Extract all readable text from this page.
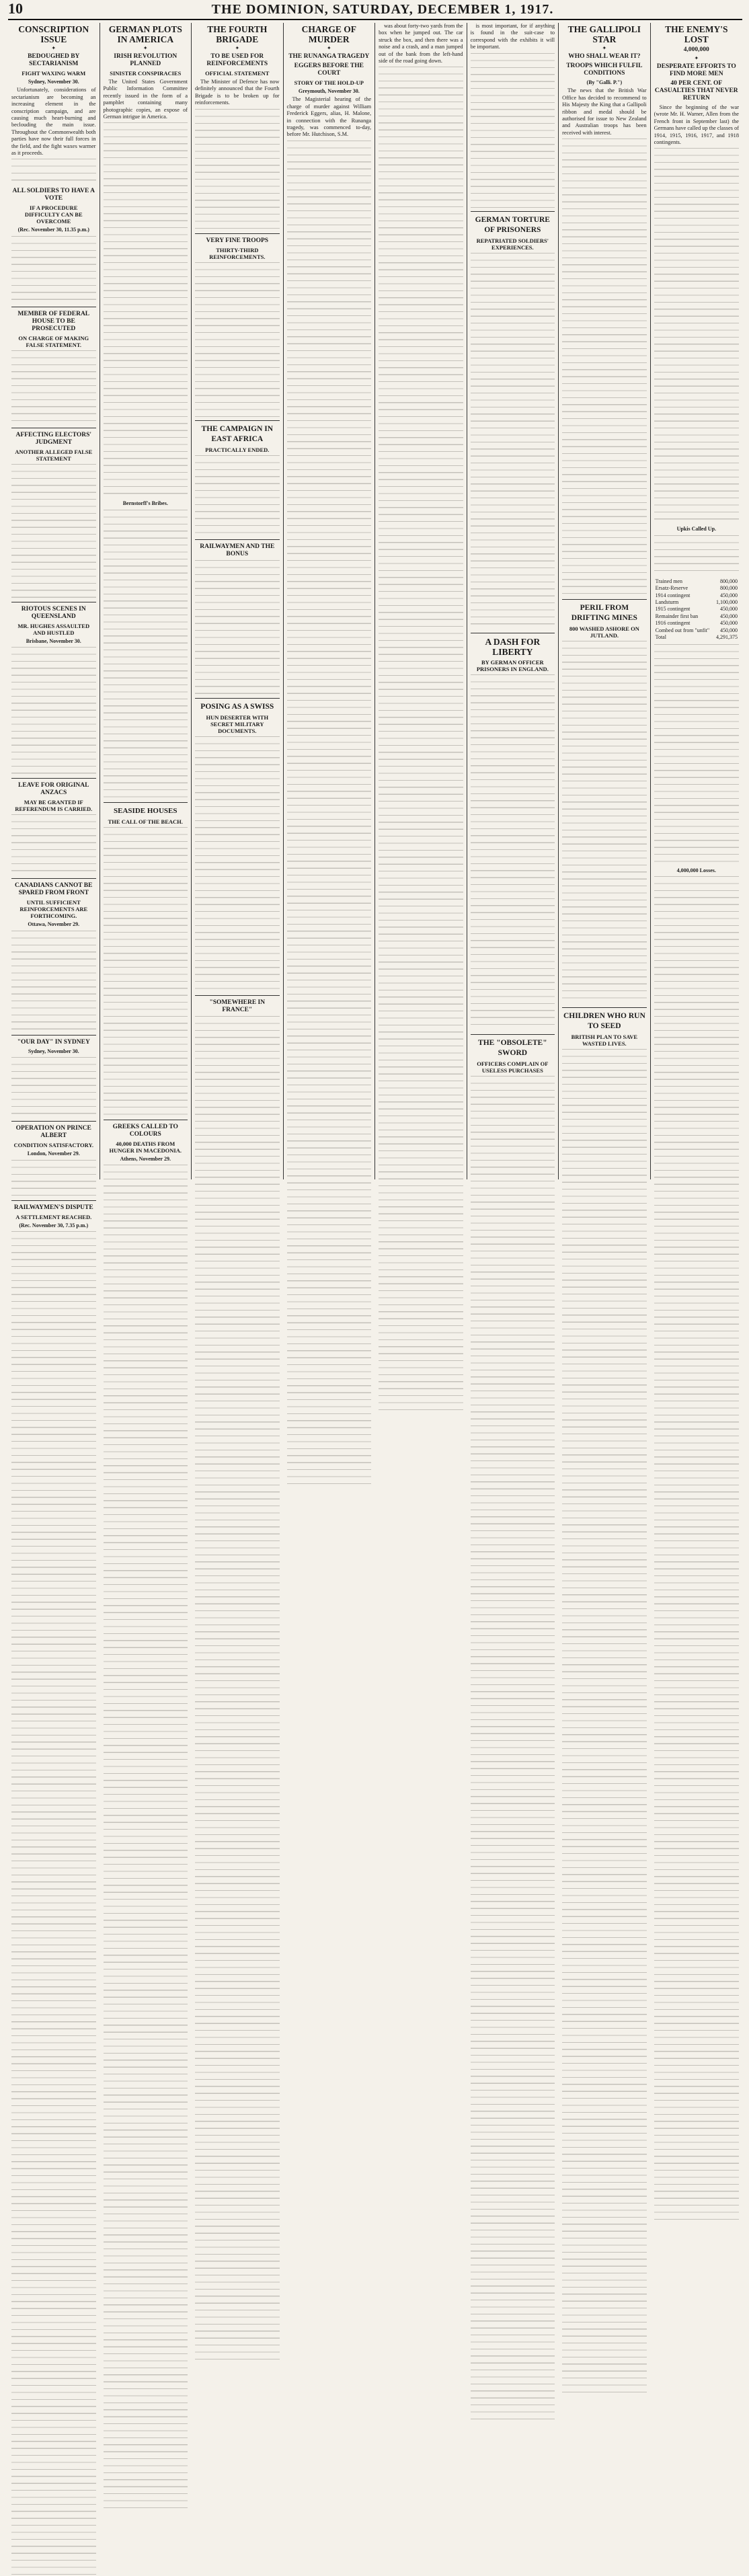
10	THE DOMINION, SATURDAY, DECEMBER 1, 1917.
CONSCRIPTION ISSUE
✦
BEDOUGHED BY SECTARIANISM
FIGHT WAXING WARM
Sydney, November 30.

Unfortunately, considerations of sectarianism are becoming an increasing element in the conscription campaign, and are causing much heart-burning and beclouding the main issue. Throughout the Commonwealth both parties have now their full forces in the field, and the fight waxes warmer as it proceeds.

ALL SOLDIERS TO HAVE A VOTE
IF A PROCEDURE DIFFICULTY CAN BE OVERCOME
(Rec. November 30, 11.35 p.m.)
MEMBER OF FEDERAL HOUSE TO BE PROSECUTED
ON CHARGE OF MAKING FALSE STATEMENT.
AFFECTING ELECTORS' JUDGMENT
ANOTHER ALLEGED FALSE STATEMENT
RIOTOUS SCENES IN QUEENSLAND
MR. HUGHES ASSAULTED AND HUSTLED
Brisbane, November 30.
LEAVE FOR ORIGINAL ANZACS
MAY BE GRANTED IF REFERENDUM IS CARRIED.
CANADIANS CANNOT BE SPARED FROM FRONT
UNTIL SUFFICIENT REINFORCEMENTS ARE FORTHCOMING.
Ottawa, November 29.
"OUR DAY" IN SYDNEY
Sydney, November 30.
OPERATION ON PRINCE ALBERT
CONDITION SATISFACTORY.
London, November 29.
RAILWAYMEN'S DISPUTE
A SETTLEMENT REACHED.
(Rec. November 30, 7.35 p.m.)
GERMAN PLOTS IN AMERICA
✦
IRISH REVOLUTION PLANNED
SINISTER CONSPIRACIES

The United States Government Public Information Committee recently issued in the form of a pamphlet containing many photographic copies, an expose of German intrigue in America.

Bernstorff's Bribes.
SEASIDE HOUSES
THE CALL OF THE BEACH.
GREEKS CALLED TO COLOURS
40,000 DEATHS FROM HUNGER IN MACEDONIA.
Athens, November 29.
THE FOURTH BRIGADE
✦
TO BE USED FOR REINFORCEMENTS
OFFICIAL STATEMENT

The Minister of Defence has now definitely announced that the Fourth Brigade is to be broken up for reinforcements.

VERY FINE TROOPS
THIRTY-THIRD REINFORCEMENTS.
THE CAMPAIGN IN EAST AFRICA
PRACTICALLY ENDED.
RAILWAYMEN AND THE BONUS
POSING AS A SWISS
HUN DESERTER WITH SECRET MILITARY DOCUMENTS.
"SOMEWHERE IN FRANCE"
CHARGE OF MURDER
✦
THE RUNANGA TRAGEDY
EGGERS BEFORE THE COURT
STORY OF THE HOLD-UP
Greymouth, November 30.

The Magisterial hearing of the charge of murder against William Frederick Eggers, alias, H. Malone, in connection with the Runanga tragedy, was commenced to-day, before Mr. Hutchison, S.M.

was about forty-two yards from the box when he jumped out. The car struck the box, and then there was a noise and a crash, and a man jumped out of the bank from the left-hand side of the road going down.

is most important, for if anything is found in the suit-case to correspond with the exhibits it will be important.

GERMAN TORTURE OF PRISONERS
REPATRIATED SOLDIERS' EXPERIENCES.
A DASH FOR LIBERTY
BY GERMAN OFFICER PRISONERS IN ENGLAND.
THE "OBSOLETE" SWORD
OFFICERS COMPLAIN OF USELESS PURCHASES
THE GALLIPOLI STAR
✦
WHO SHALL WEAR IT?
TROOPS WHICH FULFIL CONDITIONS
(By "Galli. P.")

The news that the British War Office has decided to recommend to His Majesty the King that a Gallipoli ribbon and medal should be authorised for issue to New Zealand and Australian troops has been received with interest.

PERIL FROM DRIFTING MINES
800 WASHED ASHORE ON JUTLAND.
CHILDREN WHO RUN TO SEED
BRITISH PLAN TO SAVE WASTED LIVES.
THE ENEMY'S LOST
4,000,000
✦
DESPERATE EFFORTS TO FIND MORE MEN
40 PER CENT. OF CASUALTIES THAT NEVER RETURN

Since the beginning of the war (wrote Mr. H. Warner, Allen from the French front in September last) the Germans have called up the classes of 1914, 1915, 1916, 1917, and 1918 contingents.

Upkis Called Up.
Trained men	800,000
Ersatz-Reserve	800,000
1914 contingent	450,000
Landsturm	1,100,000
1915 contingent	450,000
Remainder first ban	450,000
1916 contingent	450,000
Combed out from "unfit"	450,000
Total	4,291,375
4,000,000 Losses.
